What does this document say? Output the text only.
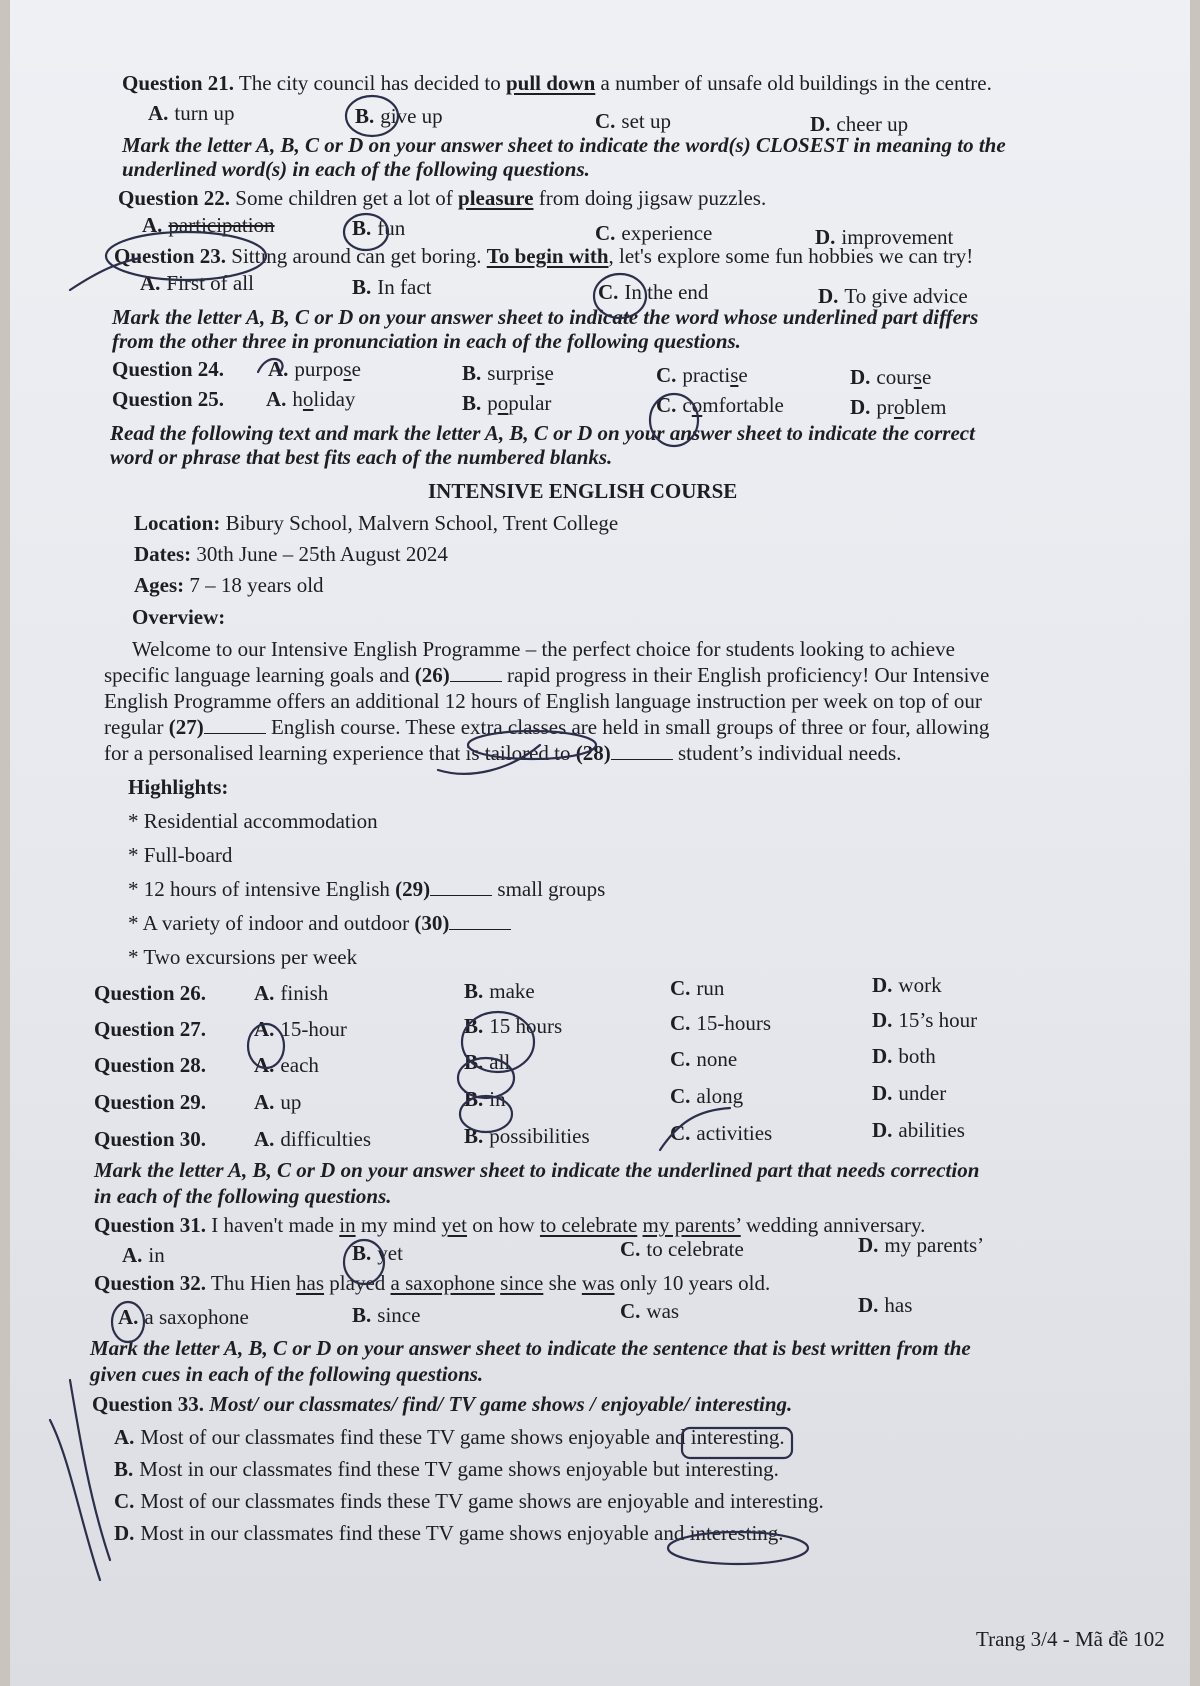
Question 21. The city council has decided to pull down a number of unsafe old buildings in the centre.
A. turn up	B. give up	C. set up	D. cheer up
Mark the letter A, B, C or D on your answer sheet to indicate the word(s) CLOSEST in meaning to the
underlined word(s) in each of the following questions.
Question 22. Some children get a lot of pleasure from doing jigsaw puzzles.
A. participation	B. fun	C. experience	D. improvement
Question 23. Sitting around can get boring. To begin with, let's explore some fun hobbies we can try!
A. First of all	B. In fact	C. In the end	D. To give advice
Mark the letter A, B, C or D on your answer sheet to indicate the word whose underlined part differs
from the other three in pronunciation in each of the following questions.
Question 24. A. purpose	B. surprise	C. practise	D. course
Question 25. A. holiday	B. popular	C. comfortable	D. problem
Read the following text and mark the letter A, B, C or D on your answer sheet to indicate the correct
word or phrase that best fits each of the numbered blanks.
INTENSIVE ENGLISH COURSE
Location: Bibury School, Malvern School, Trent College
Dates: 30th June – 25th August 2024
Ages: 7 – 18 years old
Overview:
Welcome to our Intensive English Programme – the perfect choice for students looking to achieve
specific language learning goals and (26) rapid progress in their English proficiency! Our Intensive
English Programme offers an additional 12 hours of English language instruction per week on top of our
regular (27)	English course. These extra classes are held in small groups of three or four, allowing
for a personalised learning experience that is tailored to (28)	student’s individual needs.
Highlights:
* Residential accommodation
* Full-board
* 12 hours of intensive English (29)	small groups
* A variety of indoor and outdoor (30)
* Two excursions per week
Question 26. A. finish	B. make	C. run	D. work
Question 27. A. 15-hour	B. 15 hours	C. 15-hours	D. 15’s hour
Question 28. A. each	B. all	C. none	D. both
Question 29. A. up	B. in	C. along	D. under
Question 30. A. difficulties	B. possibilities	C. activities	D. abilities
Mark the letter A, B, C or D on your answer sheet to indicate the underlined part that needs correction
in each of the following questions.
Question 31. I haven't made in my mind yet on how to celebrate my parents’ wedding anniversary.
A. in	B. yet	C. to celebrate	D. my parents’
Question 32. Thu Hien has played a saxophone since she was only 10 years old.
A. a saxophone	B. since	C. was	D. has
Mark the letter A, B, C or D on your answer sheet to indicate the sentence that is best written from the
given cues in each of the following questions.
Question 33. Most/ our classmates/ find/ TV game shows / enjoyable/ interesting.
A. Most of our classmates find these TV game shows enjoyable and interesting.
B. Most in our classmates find these TV game shows enjoyable but interesting.
C. Most of our classmates finds these TV game shows are enjoyable and interesting.
D. Most in our classmates find these TV game shows enjoyable and interesting.
Trang 3/4 - Mã đề 102
